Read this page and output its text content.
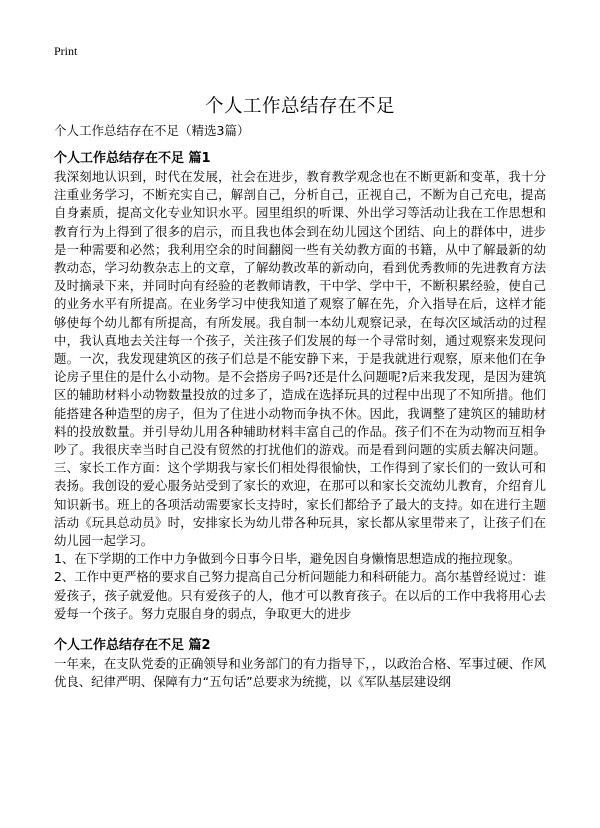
Print
个人工作总结存在不足
个人工作总结存在不足（精选3篇）
个人工作总结存在不足 篇1

我深刻地认识到，时代在发展，社会在进步，教育教学观念也在不断更新和变革，我十分注重业务学习，不断充实自己，解剖自己，分析自己，正视自己，不断为自己充电，提高自身素质，提高文化专业知识水平。园里组织的听课、外出学习等活动让我在工作思想和教育行为上得到了很多的启示，而且我也体会到在幼儿园这个团结、向上的群体中，进步是一种需要和必然；我利用空余的时间翻阅一些有关幼教方面的书籍，从中了解最新的幼教动态，学习幼教杂志上的文章，了解幼教改革的新动向，看到优秀教师的先进教育方法及时摘录下来，并同时向有经验的老教师请教，干中学、学中干，不断积累经验，使自己的业务水平有所提高。在业务学习中使我知道了观察了解在先，介入指导在后，这样才能够使每个幼儿都有所提高，有所发展。我自制一本幼儿观察记录，在每次区域活动的过程中，我认真地去关注每一个孩子，关注孩子们发展的每一个寻常时刻，通过观察来发现问题。一次，我发现建筑区的孩子们总是不能安静下来，于是我就进行观察，原来他们在争论房子里住的是什么小动物。是不会搭房子吗?还是什么问题呢?后来我发现，是因为建筑区的辅助材料小动物数量投放的过多了，造成在选择玩具的过程中出现了不知所措。他们能搭建各种造型的房子，但为了住进小动物而争执不休。因此，我调整了建筑区的辅助材料的投放数量。并引导幼儿用各种辅助材料丰富自己的作品。孩子们不在为动物而互相争吵了。我很庆幸当时自己没有贸然的打扰他们的游戏。而是看到问题的实质去解决问题。三、家长工作方面：这个学期我与家长们相处得很愉快，工作得到了家长们的一致认可和表扬。我创设的爱心服务站受到了家长的欢迎，在那可以和家长交流幼儿教育，介绍育儿知识新书。班上的各项活动需要家长支持时，家长们都给予了最大的支持。如在进行主题活动《玩具总动员》时，安排家长为幼儿带各种玩具，家长都从家里带来了，让孩子们在幼儿园一起学习。

1、在下学期的工作中力争做到今日事今日毕，避免因自身懒惰思想造成的拖拉现象。

2、工作中更严格的要求自己努力提高自己分析问题能力和科研能力。高尔基曾经说过：谁爱孩子，孩子就爱他。只有爱孩子的人，他才可以教育孩子。在以后的工作中我将用心去爱每一个孩子。努力克服自身的弱点，争取更大的进步

个人工作总结存在不足 篇2

一年来，在支队党委的正确领导和业务部门的有力指导下，，以政治合格、军事过硬、作风优良、纪律严明、保障有力“五句话”总要求为统揽，以《军队基层建设纲
